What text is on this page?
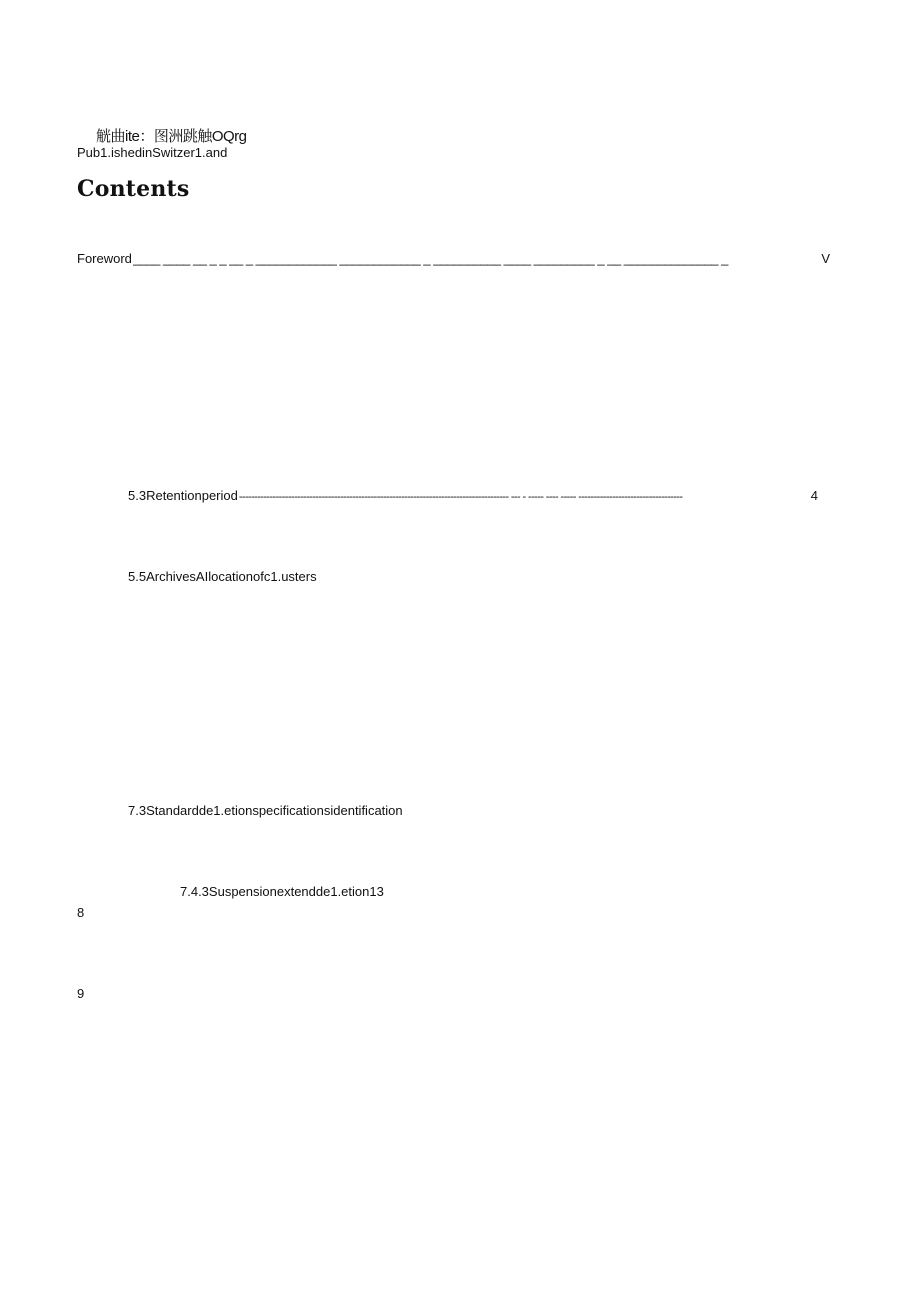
觥曲ite：图洲跳触OQrg
Pub1.ishedinSwitzer1.and
Contents
Foreword ____ ____ __ _ _ __ _ ____________ ____________ _ __________ ____ _________ _ __ ______________ _	V
5.3Retentionperiod ---------------------------------------------------------------------------------------- --- - ----- ---- ----- ----------------------------------	4
5.5ArchivesAIlocationofc1.usters
7.3Standardde1.etionspecificationsidentification
7.4.3Suspensionextendde1.etion13
8
9
